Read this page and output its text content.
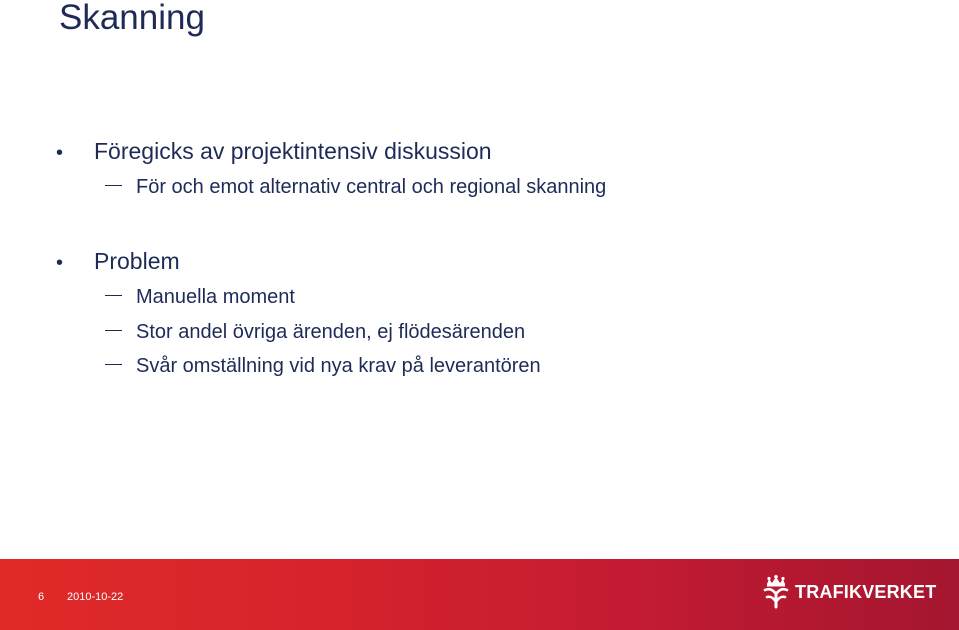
Skanning
• Föregicks av projektintensiv diskussion
För och emot alternativ central och regional skanning
• Problem
Manuella moment
Stor andel övriga ärenden, ej flödesärenden
Svår omställning vid nya krav på leverantören
6 2010-10-22	TRAFIKVERKET
